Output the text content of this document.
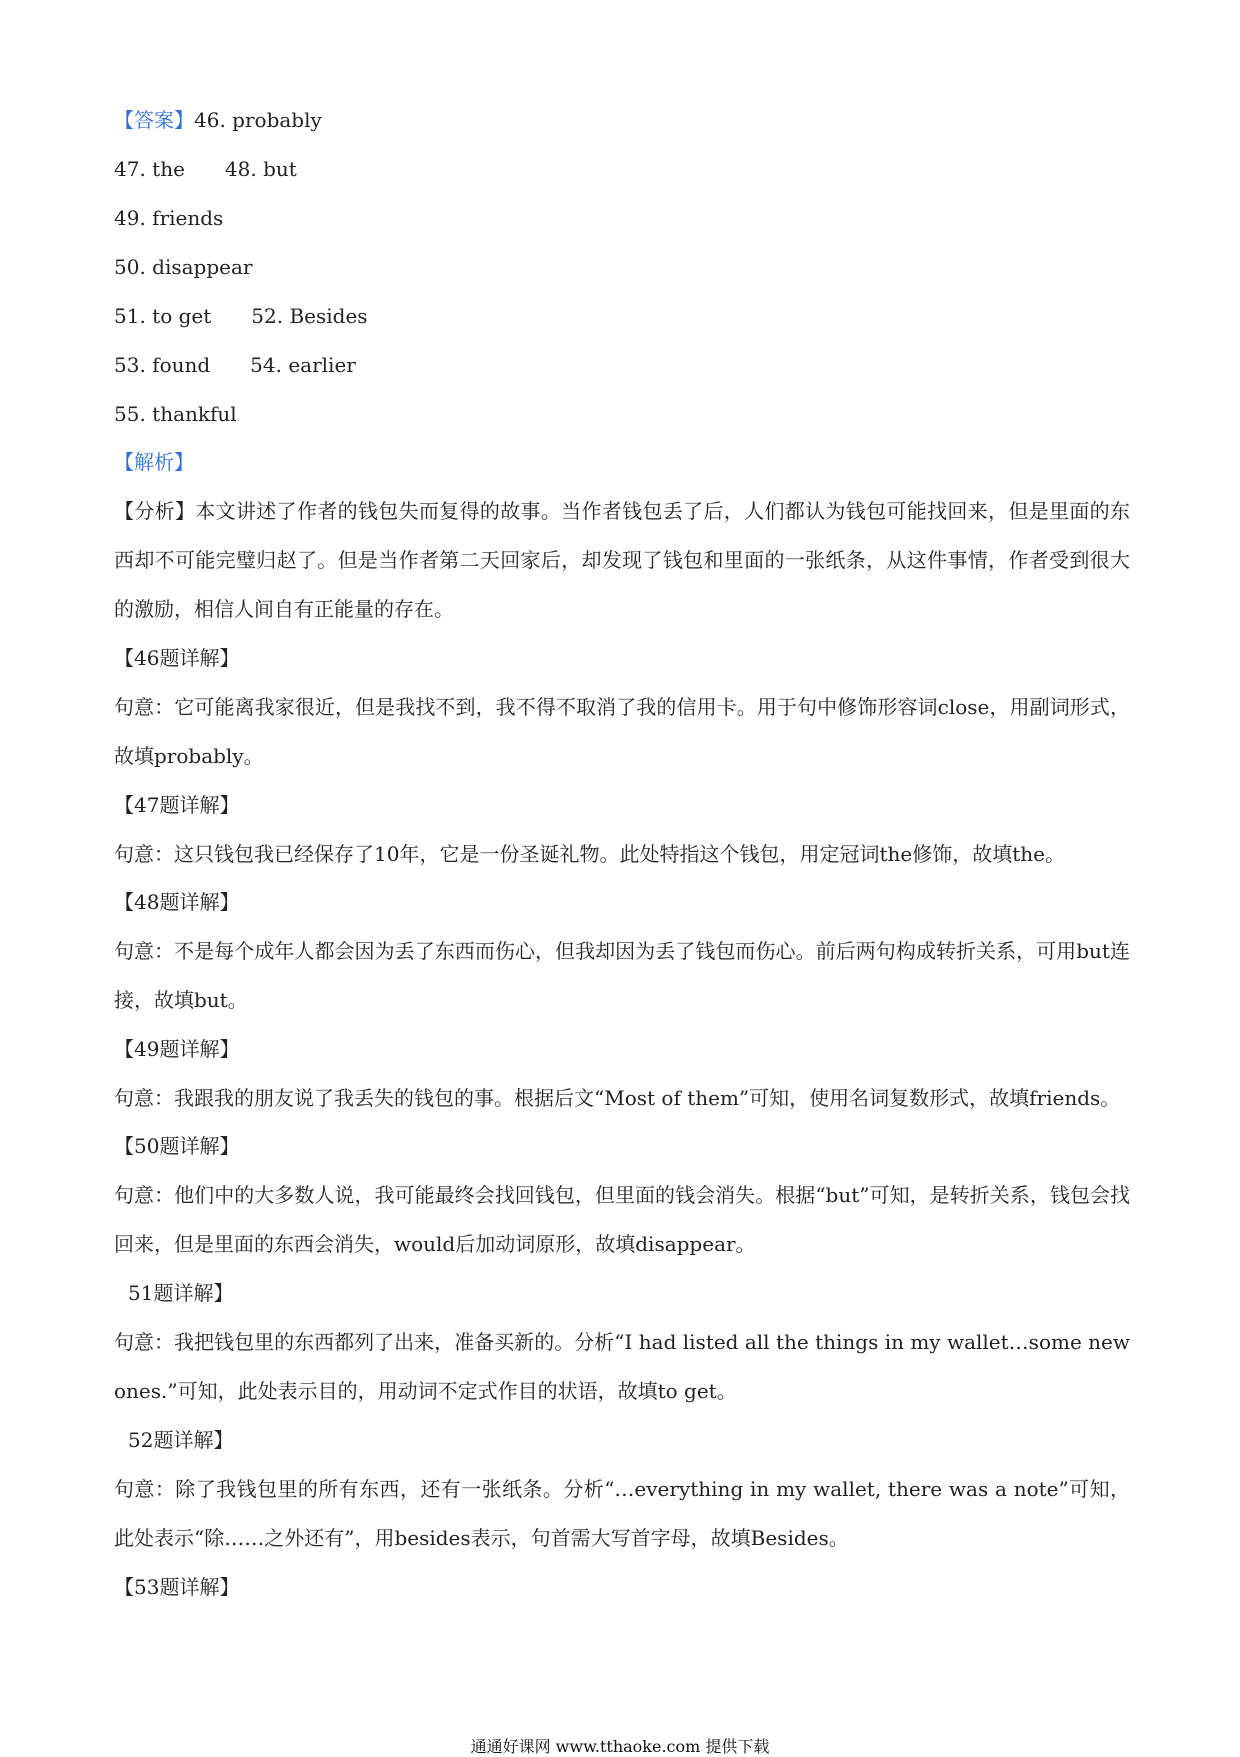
【答案】46. probably
47. the 48. but
49. friends
50. disappear
51. to get 52. Besides
53. found 54. earlier
55. thankful
【解析】
【分析】本文讲述了作者的钱包失而复得的故事。当作者钱包丢了后，人们都认为钱包可能找回来，但是里面的东西却不可能完璧归赵了。但是当作者第二天回家后，却发现了钱包和里面的一张纸条，从这件事情，作者受到很大的激励，相信人间自有正能量的存在。
【46题详解】
句意：它可能离我家很近，但是我找不到，我不得不取消了我的信用卡。用于句中修饰形容词close，用副词形式，故填probably。
【47题详解】
句意：这只钱包我已经保存了10年，它是一份圣诞礼物。此处特指这个钱包，用定冠词the修饰，故填the。
【48题详解】
句意：不是每个成年人都会因为丢了东西而伤心，但我却因为丢了钱包而伤心。前后两句构成转折关系，可用but连接，故填but。
【49题详解】
句意：我跟我的朋友说了我丢失的钱包的事。根据后文“Most of them”可知，使用名词复数形式，故填friends。
【50题详解】
句意：他们中的大多数人说，我可能最终会找回钱包，但里面的钱会消失。根据“but”可知，是转折关系，钱包会找回来，但是里面的东西会消失，would后加动词原形，故填disappear。
51题详解】
句意：我把钱包里的东西都列了出来，准备买新的。分析“I had listed all the things in my wallet…some new ones.”可知，此处表示目的，用动词不定式作目的状语，故填to get。
52题详解】
句意：除了我钱包里的所有东西，还有一张纸条。分析“…everything in my wallet, there was a note”可知，此处表示“除……之外还有”，用besides表示，句首需大写首字母，故填Besides。
【53题详解】
通通好课网 www.tthaoke.com 提供下载
